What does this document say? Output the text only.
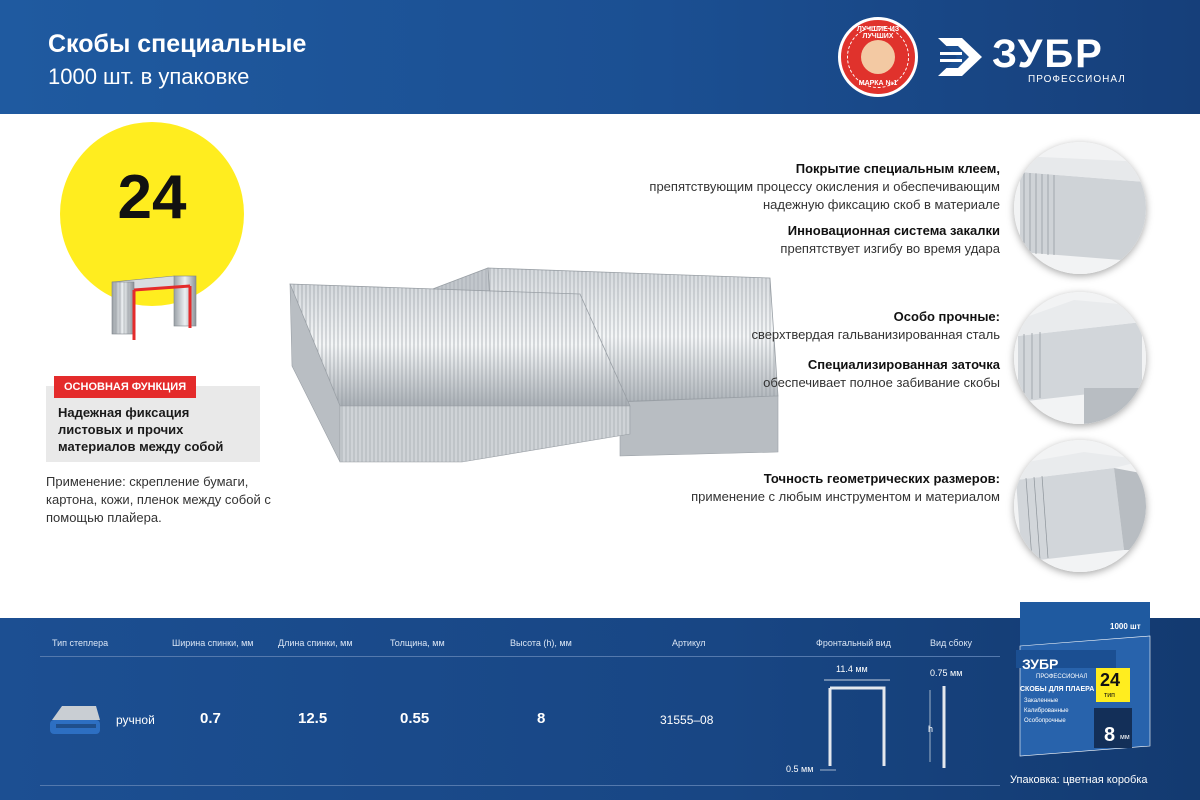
Скобы специальные
1000 шт. в упаковке
ЛУЧШИЕ ИЗ ЛУЧШИХ
МАРКА №1
ЗУБР
ПРОФЕССИОНАЛ
24
Надежная фиксация листовых и прочих материалов между собой
ОСНОВНАЯ ФУНКЦИЯ
Применение: скрепление бумаги, картона, кожи, пленок между собой с помощью плайера.
Покрытие специальным клеем,
препятствующим процессу окисления и обеспечивающим надежную фиксацию скоб в материале
Инновационная система закалки
препятствует изгибу во время удара
Особо прочные:
сверхтвердая гальванизированная сталь
Специализированная заточка
обеспечивает полное забивание скобы
Точность геометрических размеров:
применение с любым инструментом и материалом
Тип степлера	Ширина спинки, мм	Длина спинки, мм	Толщина, мм	Высота (h), мм	Артикул	Фронтальный вид	Вид сбоку
ручной	0.7	12.5	0.55	8	31555–08
11.4 мм
0.5 мм
0.75 мм
h
1000 шт
ЗУБР
ПРОФЕССИОНАЛ
СКОБЫ ДЛЯ ПЛАЕРА 24
тип
Закаленные
Калиброванные
Особопрочные
8 мм
Упаковка: цветная коробка
